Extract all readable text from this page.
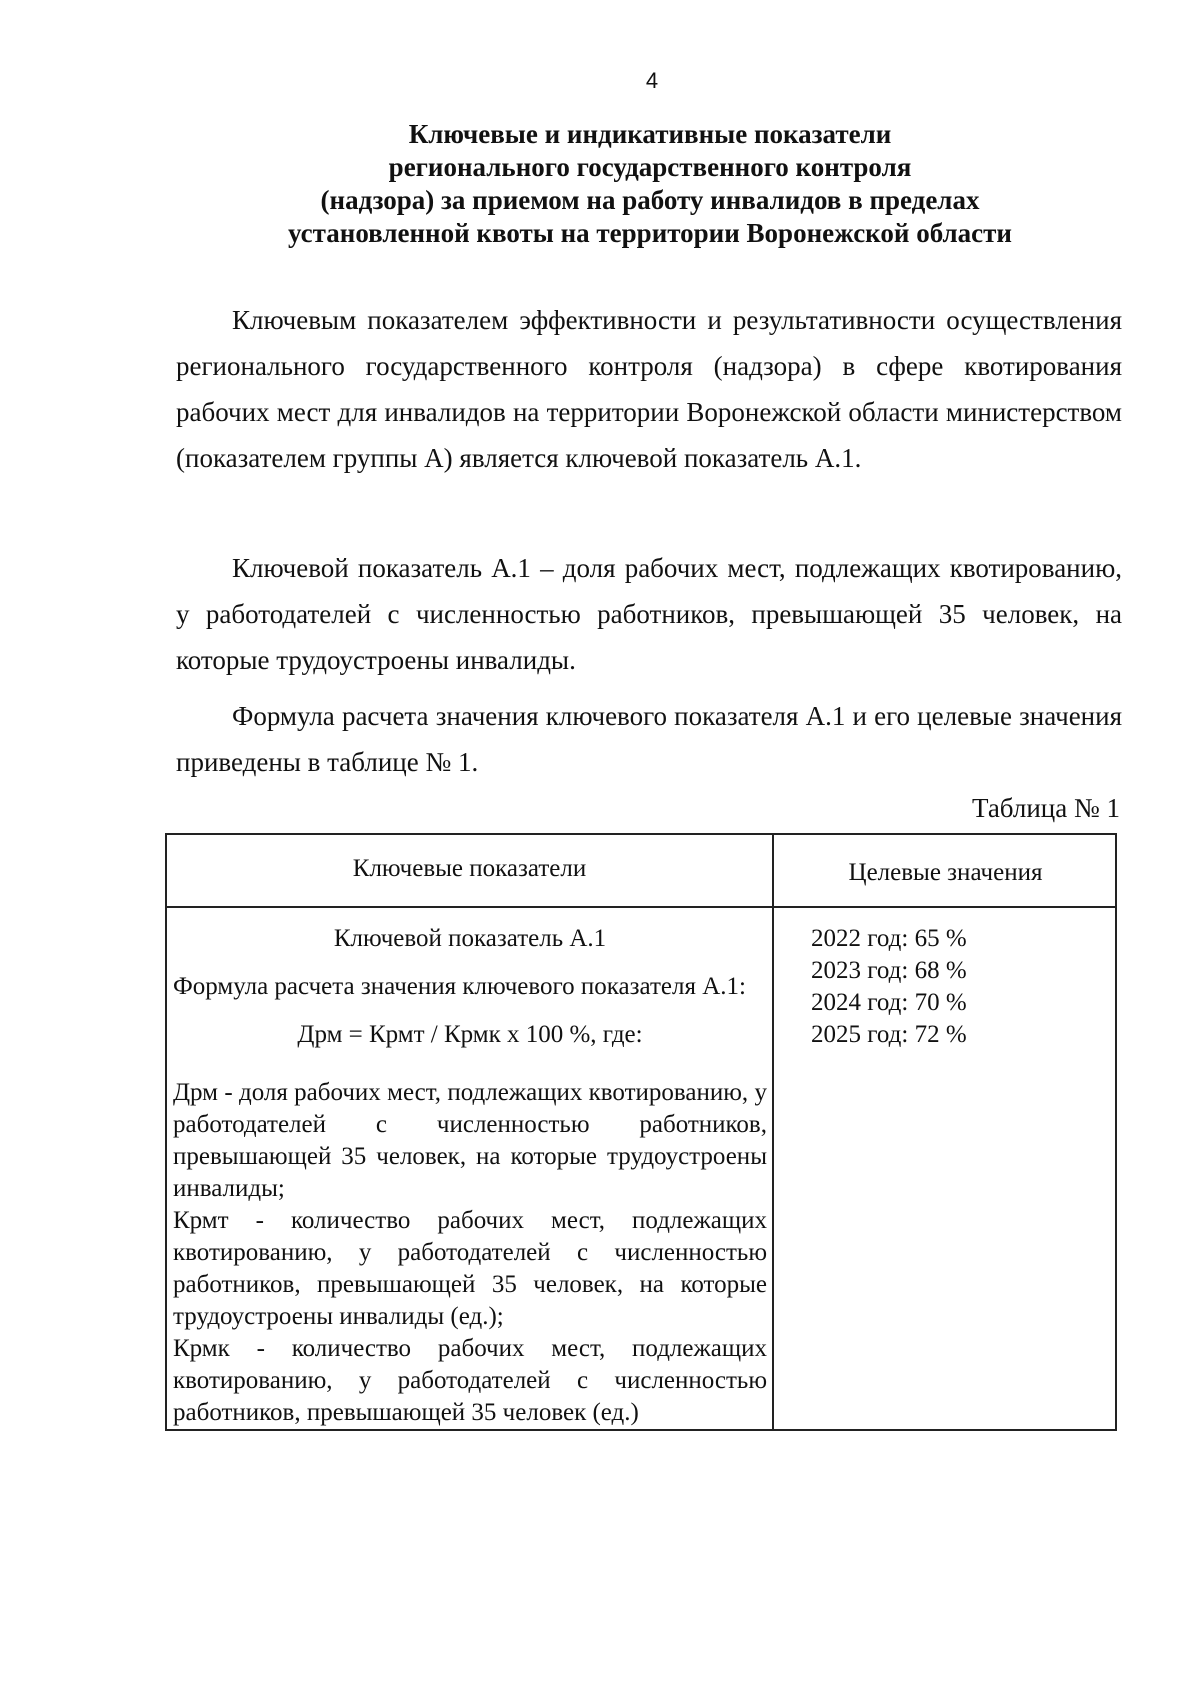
4
Ключевые и индикативные показатели
регионального государственного контроля
(надзора) за приемом на работу инвалидов в пределах
установленной квоты на территории Воронежской области

Ключевым показателем эффективности и результативности осуществления регионального государственного контроля (надзора) в сфере квотирования рабочих мест для инвалидов на территории Воронежской области министерством (показателем группы А) является ключевой показатель А.1.

Ключевой показатель А.1 – доля рабочих мест, подлежащих квотированию, у работодателей с численностью работников, превышающей 35 человек, на которые трудоустроены инвалиды.

Формула расчета значения ключевого показателя А.1 и его целевые значения приведены в таблице № 1.

Таблица № 1
Ключевые показатели	Целевые значения
Ключевой показатель А.1
Формула расчета значения ключевого показателя А.1:
Дрм = Крмт / Крмк х 100 %, где:
Дрм - доля рабочих мест, подлежащих квотированию, у работодателей с численностью работников, превышающей 35 человек, на которые трудоустроены инвалиды;
Крмт - количество рабочих мест, подлежащих квотированию, у работодателей с численностью работников, превышающей 35 человек, на которые трудоустроены инвалиды (ед.);
Крмк - количество рабочих мест, подлежащих квотированию, у работодателей с численностью работников, превышающей 35 человек (ед.)
2022 год: 65 %
2023 год: 68 %
2024 год: 70 %
2025 год: 72 %
